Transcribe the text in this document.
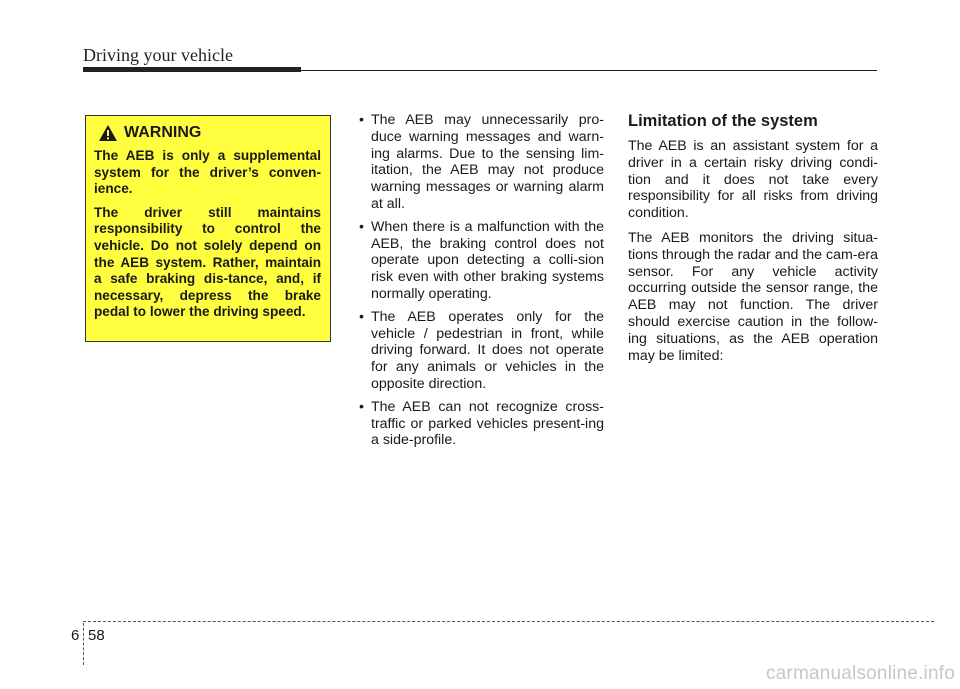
Driving your vehicle
WARNING

The AEB is only a supplemental system for the driver’s conven-ience.

The driver still maintains responsibility to control the vehicle. Do not solely depend on the AEB system. Rather, maintain a safe braking dis-tance, and, if necessary, depress the brake pedal to lower the driving speed.

• The AEB may unnecessarily pro-duce warning messages and warn-ing alarms. Due to the sensing lim-itation, the AEB may not produce warning messages or warning alarm at all.

• When there is a malfunction with the AEB, the braking control does not operate upon detecting a colli-sion risk even with other braking systems normally operating.

• The AEB operates only for the vehicle / pedestrian in front, while driving forward. It does not operate for any animals or vehicles in the opposite direction.

• The AEB can not recognize cross-traffic or parked vehicles present-ing a side-profile.

Limitation of the system

The AEB is an assistant system for a driver in a certain risky driving condi-tion and it does not take every responsibility for all risks from driving condition.

The AEB monitors the driving situa-tions through the radar and the cam-era sensor. For any vehicle activity occurring outside the sensor range, the AEB may not function. The driver should exercise caution in the follow-ing situations, as the AEB operation may be limited:

6 58
carmanualsonline.info
